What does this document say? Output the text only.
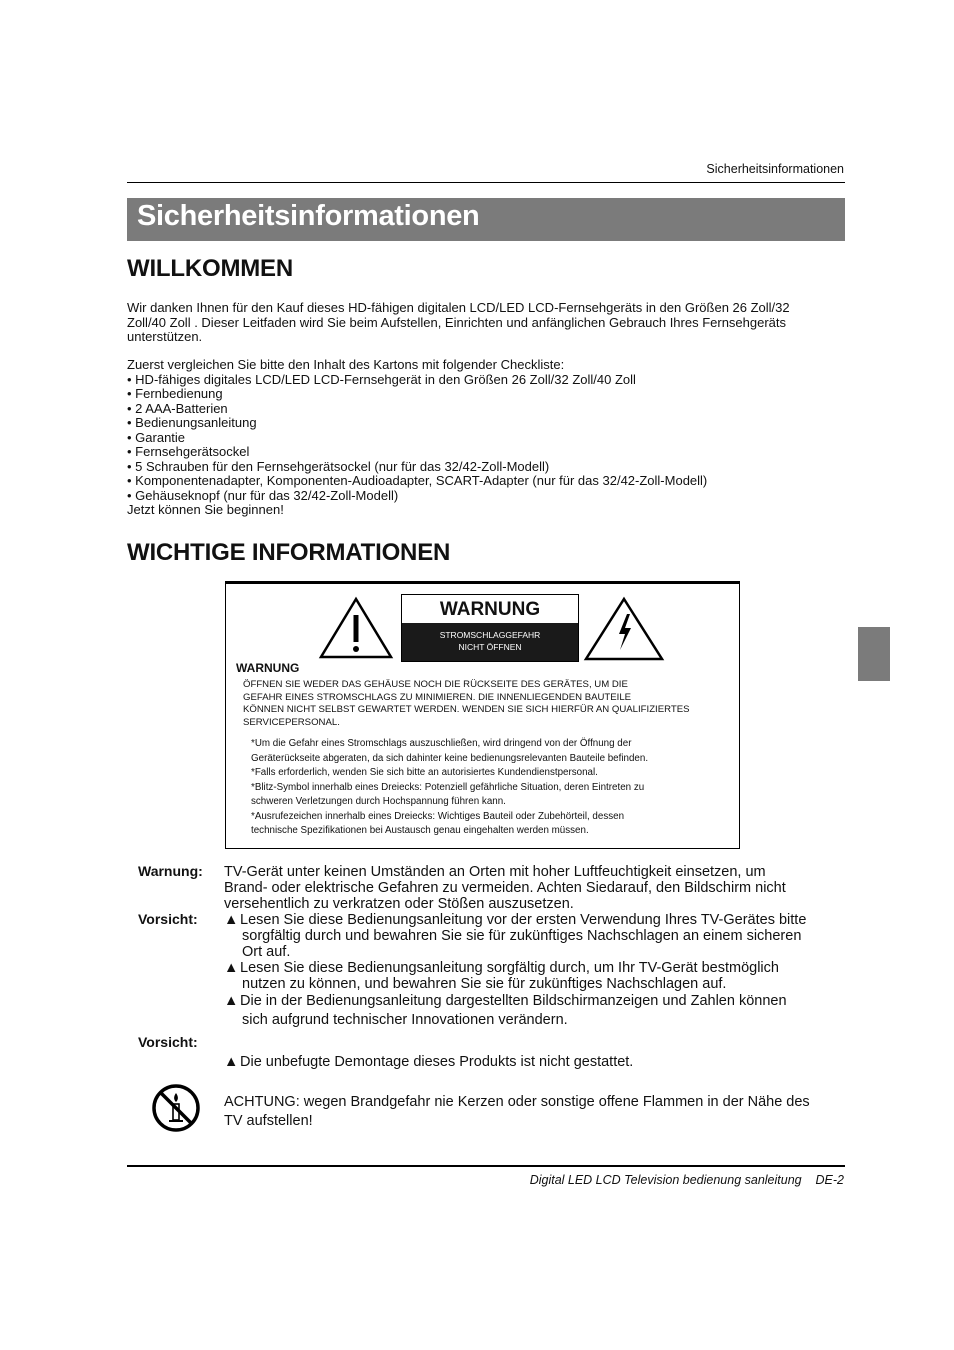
Sicherheitsinformationen
Sicherheitsinformationen
WILLKOMMEN
Wir danken Ihnen für den Kauf dieses HD-fähigen digitalen LCD/LED LCD-Fernsehgeräts in den Größen 26 Zoll/32
Zoll/40 Zoll . Dieser Leitfaden wird Sie beim Aufstellen, Einrichten und anfänglichen Gebrauch Ihres Fernsehgeräts
unterstützen.
Zuerst vergleichen Sie bitte den Inhalt des Kartons mit folgender Checkliste:
• HD-fähiges digitales LCD/LED LCD-Fernsehgerät in den Größen 26 Zoll/32 Zoll/40 Zoll
• Fernbedienung
• 2 AAA-Batterien
• Bedienungsanleitung
• Garantie
• Fernsehgerätsockel
• 5 Schrauben für den Fernsehgerätsockel (nur für das 32/42-Zoll-Modell)
• Komponentenadapter, Komponenten-Audioadapter, SCART-Adapter (nur für das 32/42-Zoll-Modell)
• Gehäuseknopf (nur für das 32/42-Zoll-Modell)
Jetzt können Sie beginnen!
WICHTIGE INFORMATIONEN
WARNUNG
STROMSCHLAGGEFAHR
NICHT ÖFFNEN
WARNUNG
ÖFFNEN SIE WEDER DAS GEHÄUSE NOCH DIE RÜCKSEITE DES GERÄTES, UM DIE
GEFAHR EINES STROMSCHLAGS ZU MINIMIEREN. DIE INNENLIEGENDEN BAUTEILE
KÖNNEN NICHT SELBST GEWARTET WERDEN. WENDEN SIE SICH HIERFÜR AN QUALIFIZIERTES
SERVICEPERSONAL.
*Um die Gefahr eines Stromschlags auszuschließen, wird dringend von der Öffnung der
Geräterückseite abgeraten, da sich dahinter keine bedienungsrelevanten Bauteile befinden.
*Falls erforderlich, wenden Sie sich bitte an autorisiertes Kundendienstpersonal.
*Blitz-Symbol innerhalb eines Dreiecks: Potenziell gefährliche Situation, deren Eintreten zu
schweren Verletzungen durch Hochspannung führen kann.
*Ausrufezeichen innerhalb eines Dreiecks: Wichtiges Bauteil oder Zubehörteil, dessen
technische Spezifikationen bei Austausch genau eingehalten werden müssen.
Warnung: TV-Gerät unter keinen Umständen an Orten mit hoher Luftfeuchtigkeit einsetzen, um
Brand- oder elektrische Gefahren zu vermeiden. Achten Siedarauf, den Bildschirm nicht
versehentlich zu verkratzen oder Stößen auszusetzen.
Vorsicht: ▲ Lesen Sie diese Bedienungsanleitung vor der ersten Verwendung Ihres TV-Gerätes bitte
sorgfältig durch und bewahren Sie sie für zukünftiges Nachschlagen an einem sicheren
Ort auf.
▲ Lesen Sie diese Bedienungsanleitung sorgfältig durch, um Ihr TV-Gerät bestmöglich
nutzen zu können, und bewahren Sie sie für zukünftiges Nachschlagen auf.
▲ Die in der Bedienungsanleitung dargestellten Bildschirmanzeigen und Zahlen können
sich aufgrund technischer Innovationen verändern.
Vorsicht:
▲ Die unbefugte Demontage dieses Produkts ist nicht gestattet.
ACHTUNG: wegen Brandgefahr nie Kerzen oder sonstige offene Flammen in der Nähe des
TV aufstellen!
Digital LED LCD Television bedienung sanleitung    DE-2
